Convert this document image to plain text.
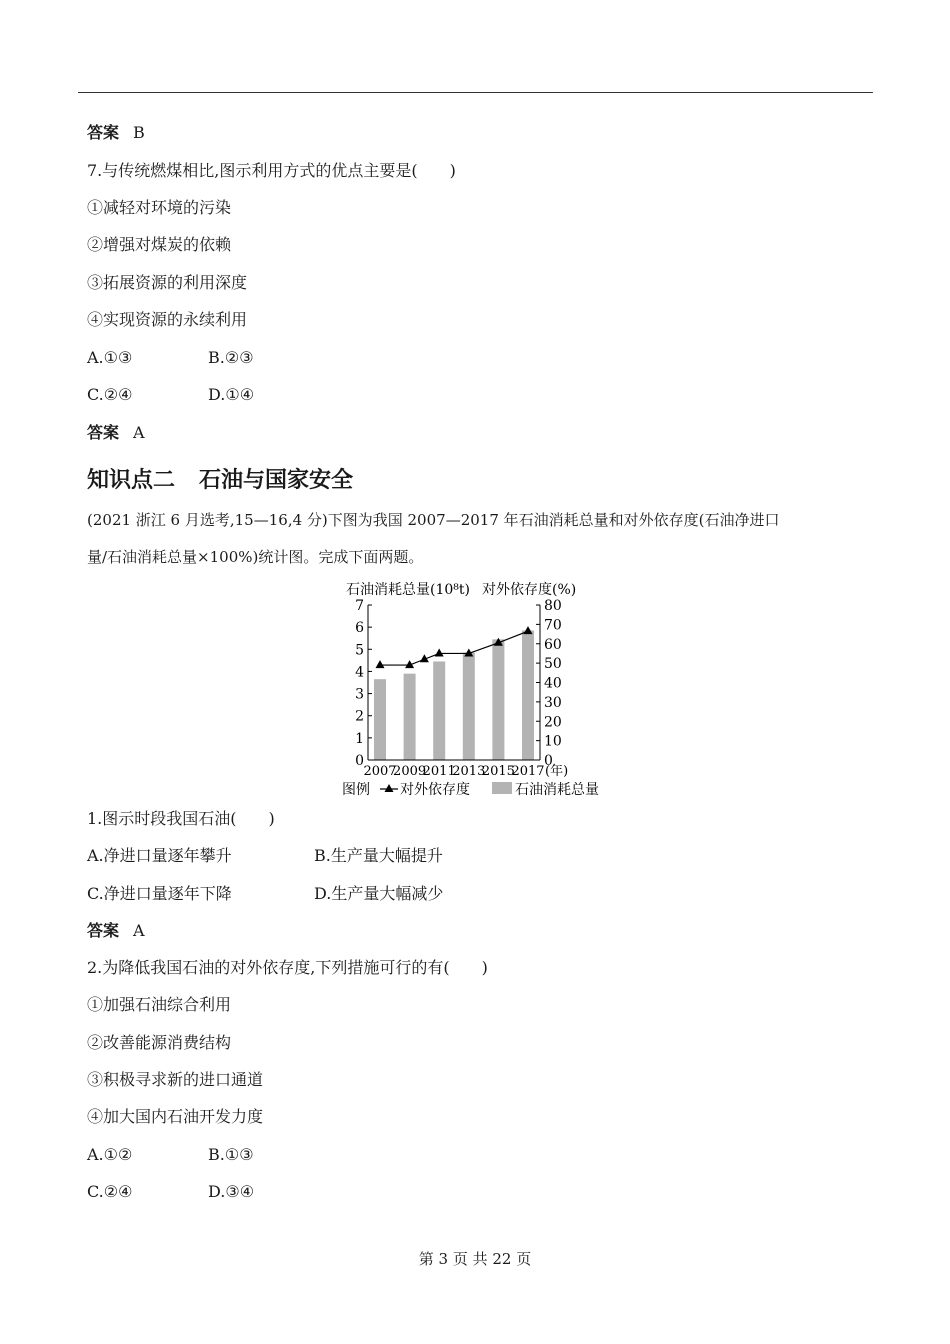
答案 B
7.与传统燃煤相比,图示利用方式的优点主要是(　　)
①减轻对环境的污染
②增强对煤炭的依赖
③拓展资源的利用深度
④实现资源的永续利用
A.①③	B.②③
C.②④	D.①④
答案 A
知识点二 石油与国家安全
(2021 浙江 6 月选考,15—16,4 分)下图为我国 2007—2017 年石油消耗总量和对外依存度(石油净进口
量/石油消耗总量×100%)统计图。完成下面两题。
石油消耗总量(10⁸t) 对外依存度(%)
0
1
2
3
4
5
6
7
0
10
20
30
40
50
60
70
80
2007
2009
2011
2013
2015
2017 (年)
图例 对外依存度	石油消耗总量
1.图示时段我国石油(　　)
A.净进口量逐年攀升	B.生产量大幅提升
C.净进口量逐年下降	D.生产量大幅减少
答案 A
2.为降低我国石油的对外依存度,下列措施可行的有(　　)
①加强石油综合利用
②改善能源消费结构
③积极寻求新的进口通道
④加大国内石油开发力度
A.①②	B.①③
C.②④	D.③④
第 3 页 共 22 页
